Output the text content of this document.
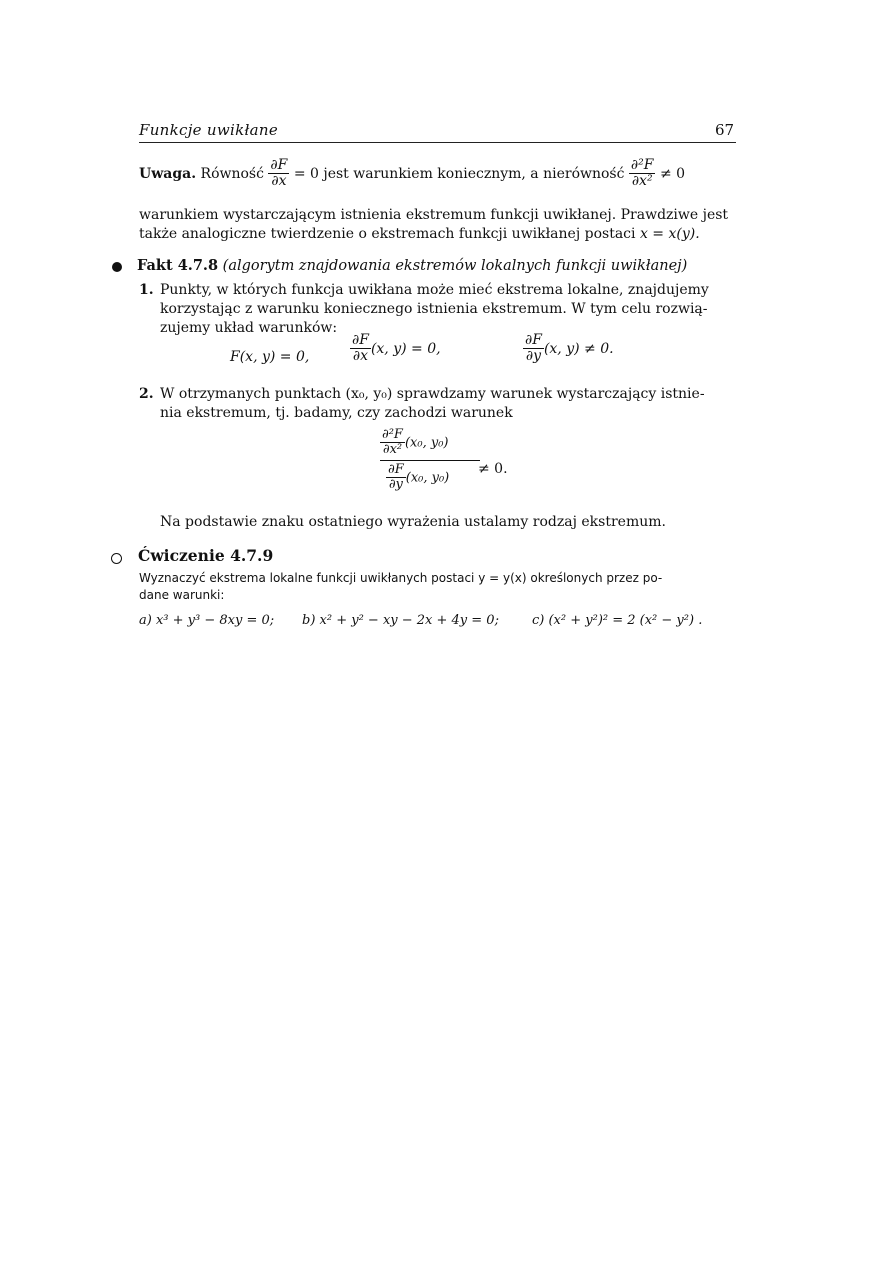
Funkcje uwikłane	67
Uwaga. Równość $\frac{\partial F}{\partial x} = 0$ jest warunkiem koniecznym, a nierówność $\frac{\text{∂²F}}{\text{∂x²}} \ne 0$
warunkiem wystarczającym istnienia ekstremum funkcji uwikłanej. Prawdziwe jest
także analogiczne twierdzenie o ekstremach funkcji uwikłanej postaci x = x(y).
Fakt 4.7.8 (algorytm znajdowania ekstremów lokalnych funkcji uwikłanej)
1. Punkty, w których funkcja uwikłana może mieć ekstrema lokalne, znajdujemy
korzystając z warunku koniecznego istnienia ekstremum. W tym celu rozwią-
zujemy układ warunków:
F(x, y) = 0,	$\frac{\partial F}{\partial x} (x$, y) = 0,	$\frac{\partial F}{\partial y} (x$, y) ≠ 0.
2. W otrzymanych punktach (x₀, y₀) sprawdzamy warunek wystarczający istnie-
nia ekstremum, tj. badamy, czy zachodzi warunek
$\frac{\frac{\text{∂²F}}{\text{∂x²}} (x_0, y_0)}{\frac{\partial F}{\partial y} (x_0, y_0)}$
≠ 0.
Na podstawie znaku ostatniego wyrażenia ustalamy rodzaj ekstremum.
Ćwiczenie 4.7.9
Wyznaczyć ekstrema lokalne funkcji uwikłanych postaci y = y(x) określonych przez po-
dane warunki:
a) x³ + y³ − 8xy = 0; b) x² + y² − xy − 2x + 4y = 0;	c) (x² + y²)² = 2 (x² − y²) .
